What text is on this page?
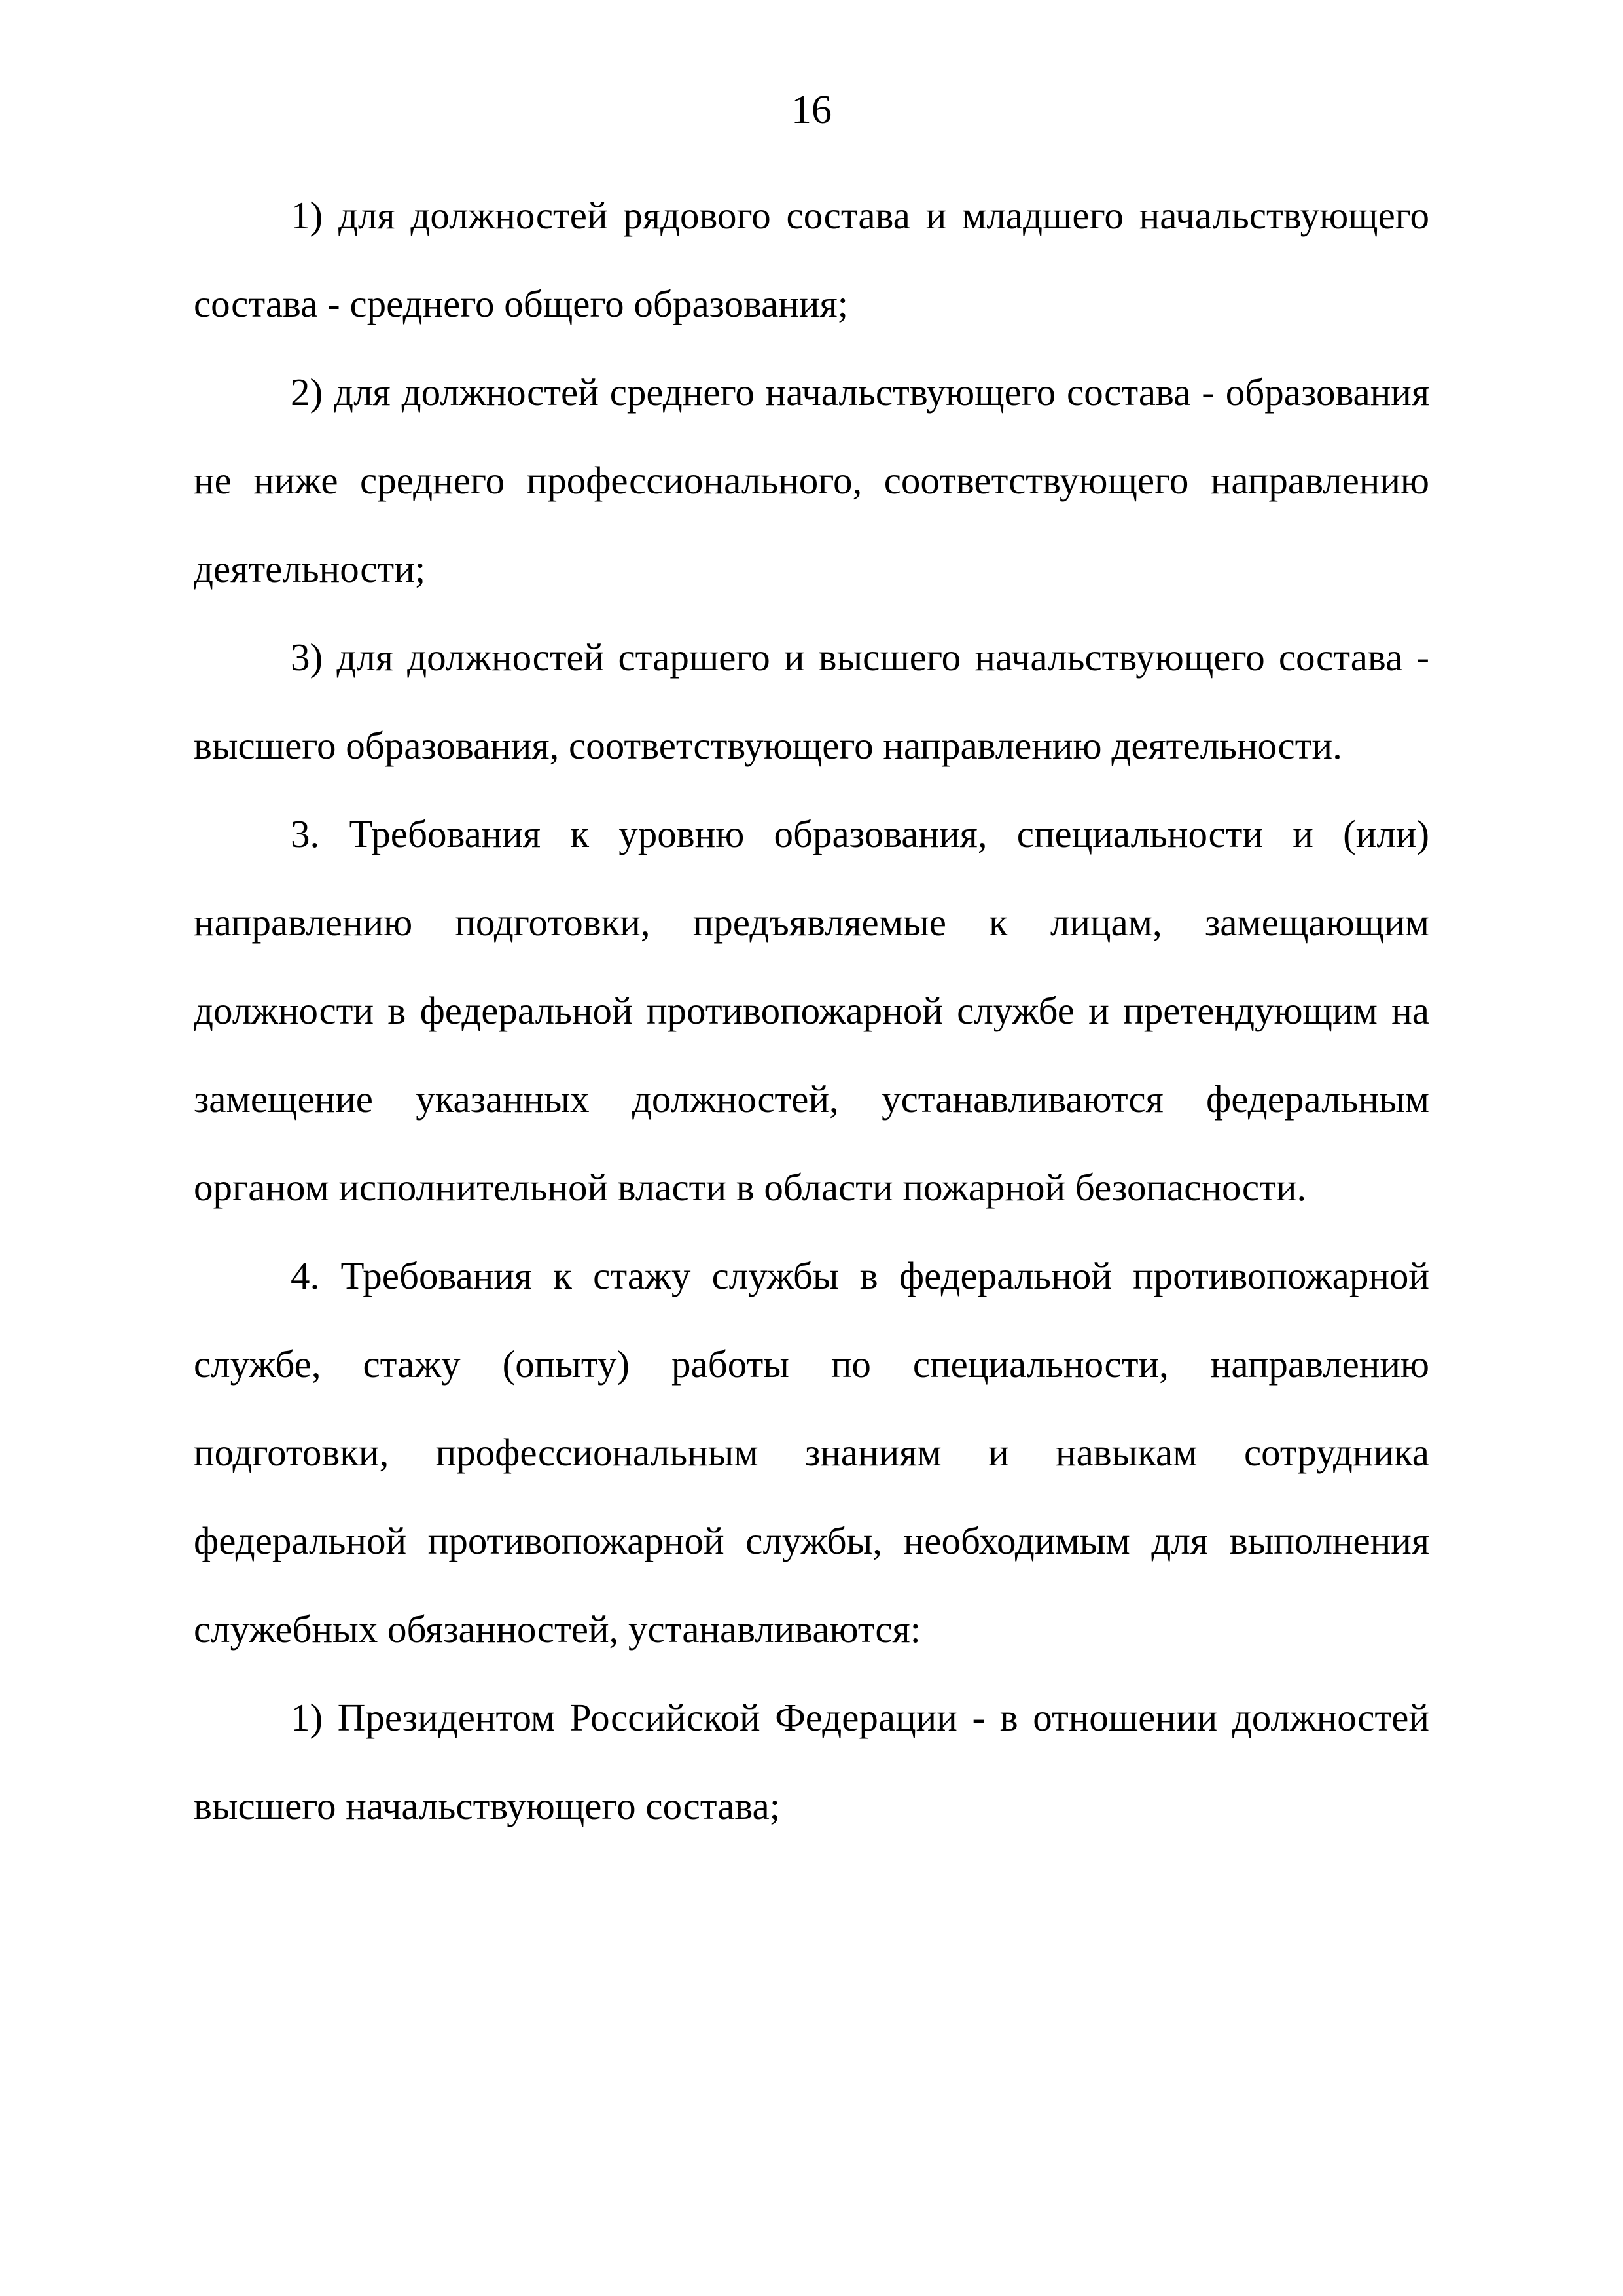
16

1) для должностей рядового состава и младшего начальствующего состава - среднего общего образования;

2) для должностей среднего начальствующего состава - образования не ниже среднего профессионального, соответствующего направлению деятельности;

3) для должностей старшего и высшего начальствующего состава - высшего образования, соответствующего направлению деятельности.

3. Требования к уровню образования, специальности и (или) направлению подготовки, предъявляемые к лицам, замещающим должности в федеральной противопожарной службе и претендующим на замещение указанных должностей, устанавливаются федеральным органом исполнительной власти в области пожарной безопасности.

4. Требования к стажу службы в федеральной противопожарной службе, стажу (опыту) работы по специальности, направлению подготовки, профессиональным знаниям и навыкам сотрудника федеральной противопожарной службы, необходимым для выполнения служебных обязанностей, устанавливаются:

1) Президентом Российской Федерации - в отношении должностей высшего начальствующего состава;
